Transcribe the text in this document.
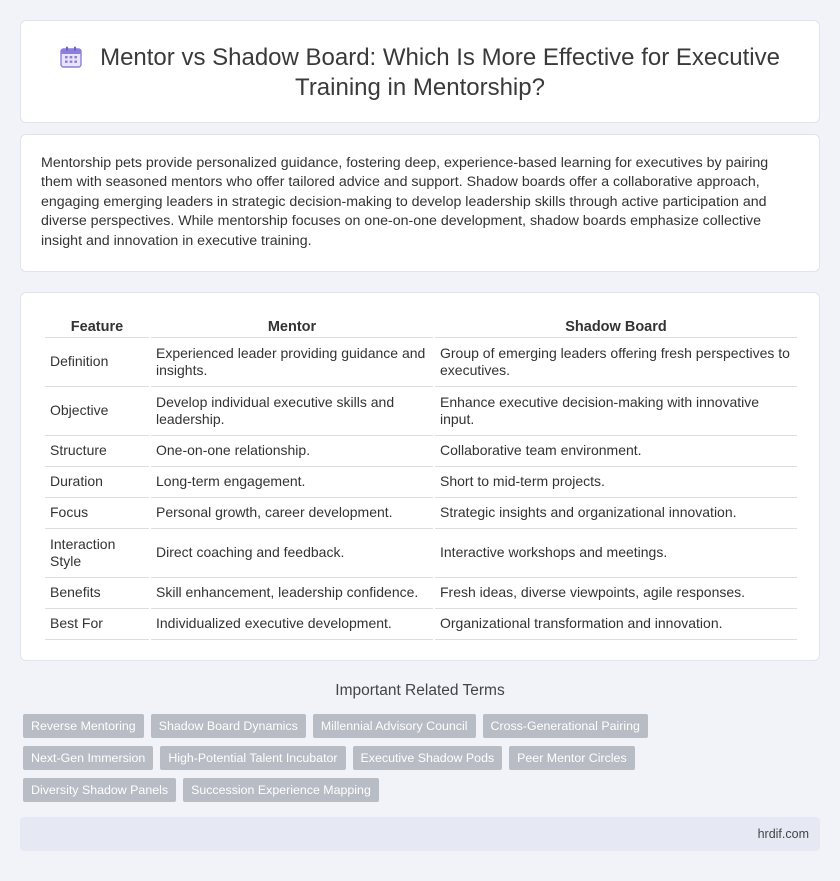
Mentor vs Shadow Board: Which Is More Effective for Executive Training in Mentorship?

Mentorship pets provide personalized guidance, fostering deep, experience-based learning for executives by pairing them with seasoned mentors who offer tailored advice and support. Shadow boards offer a collaborative approach, engaging emerging leaders in strategic decision-making to develop leadership skills through active participation and diverse perspectives. While mentorship focuses on one-on-one development, shadow boards emphasize collective insight and innovation in executive training.

Feature	Mentor	Shadow Board
Definition	Experienced leader providing guidance and insights.	Group of emerging leaders offering fresh perspectives to executives.
Objective	Develop individual executive skills and leadership.	Enhance executive decision-making with innovative input.
Structure	One-on-one relationship.	Collaborative team environment.
Duration	Long-term engagement.	Short to mid-term projects.
Focus	Personal growth, career development.	Strategic insights and organizational innovation.
Interaction Style	Direct coaching and feedback.	Interactive workshops and meetings.
Benefits	Skill enhancement, leadership confidence.	Fresh ideas, diverse viewpoints, agile responses.
Best For	Individualized executive development.	Organizational transformation and innovation.
Important Related Terms
Reverse Mentoring	Shadow Board Dynamics	Millennial Advisory Council	Cross-Generational Pairing
Next-Gen Immersion	High-Potential Talent Incubator	Executive Shadow Pods	Peer Mentor Circles
Diversity Shadow Panels	Succession Experience Mapping
hrdif.com
